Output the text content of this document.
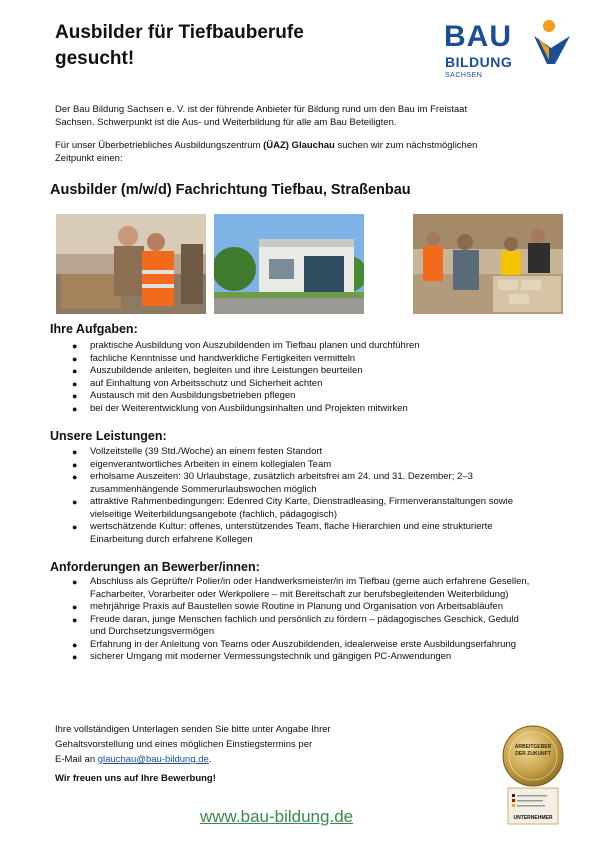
Ausbilder für Tiefbauberufe
gesucht!
BAU
BILDUNG
SACHSEN

Der Bau Bildung Sachsen e. V. ist der führende Anbieter für Bildung rund um den Bau im Freistaat Sachsen. Schwerpunkt ist die Aus- und Weiterbildung für alle am Bau Beteiligten.

Für unser Überbetriebliches Ausbildungszentrum (ÜAZ) Glauchau suchen wir zum nächstmöglichen Zeitpunkt einen:

Ausbilder (m/w/d) Fachrichtung Tiefbau, Straßenbau
Ihre Aufgaben:
● praktische Ausbildung von Auszubildenden im Tiefbau planen und durchführen
● fachliche Kenntnisse und handwerkliche Fertigkeiten vermitteln
● Auszubildende anleiten, begleiten und ihre Leistungen beurteilen
● auf Einhaltung von Arbeitsschutz und Sicherheit achten
● Austausch mit den Ausbildungsbetrieben pflegen
● bei der Weiterentwicklung von Ausbildungsinhalten und Projekten mitwirken
Unsere Leistungen:
● Vollzeitstelle (39 Std./Woche) an einem festen Standort
● eigenverantwortliches Arbeiten in einem kollegialen Team
● erholsame Auszeiten: 30 Urlaubstage, zusätzlich arbeitsfrei am 24. und 31. Dezember; 2–3 zusammenhängende Sommerurlaubswochen möglich
● attraktive Rahmenbedingungen: Edenred City Karte, Dienstradleasing, Firmenveranstaltungen sowie vielseitige Weiterbildungsangebote (fachlich, pädagogisch)
● wertschätzende Kultur: offenes, unterstützendes Team, flache Hierarchien und eine strukturierte Einarbeitung durch erfahrene Kollegen
Anforderungen an Bewerber/innen:
● Abschluss als Geprüfte/r Polier/in oder Handwerksmeister/in im Tiefbau (gerne auch erfahrene Gesellen, Facharbeiter, Vorarbeiter oder Werkpoliere – mit Bereitschaft zur berufsbegleitenden Weiterbildung)
● mehrjährige Praxis auf Baustellen sowie Routine in Planung und Organisation von Arbeitsabläufen
● Freude daran, junge Menschen fachlich und persönlich zu fördern – pädagogisches Geschick, Geduld und Durchsetzungsvermögen
● Erfahrung in der Anleitung von Teams oder Auszubildenden, idealerweise erste Ausbildungserfahrung
● sicherer Umgang mit moderner Vermessungstechnik und gängigen PC-Anwendungen

Ihre vollständigen Unterlagen senden Sie bitte unter Angabe Ihrer
Gehaltsvorstellung und eines möglichen Einstiegstermins per
E-Mail an glauchau@bau-bildung.de.

Wir freuen uns auf Ihre Bewerbung!

www.bau-bildung.de
ARBEITGEBER
DER ZUKUNFT
UNTERNEHMER
